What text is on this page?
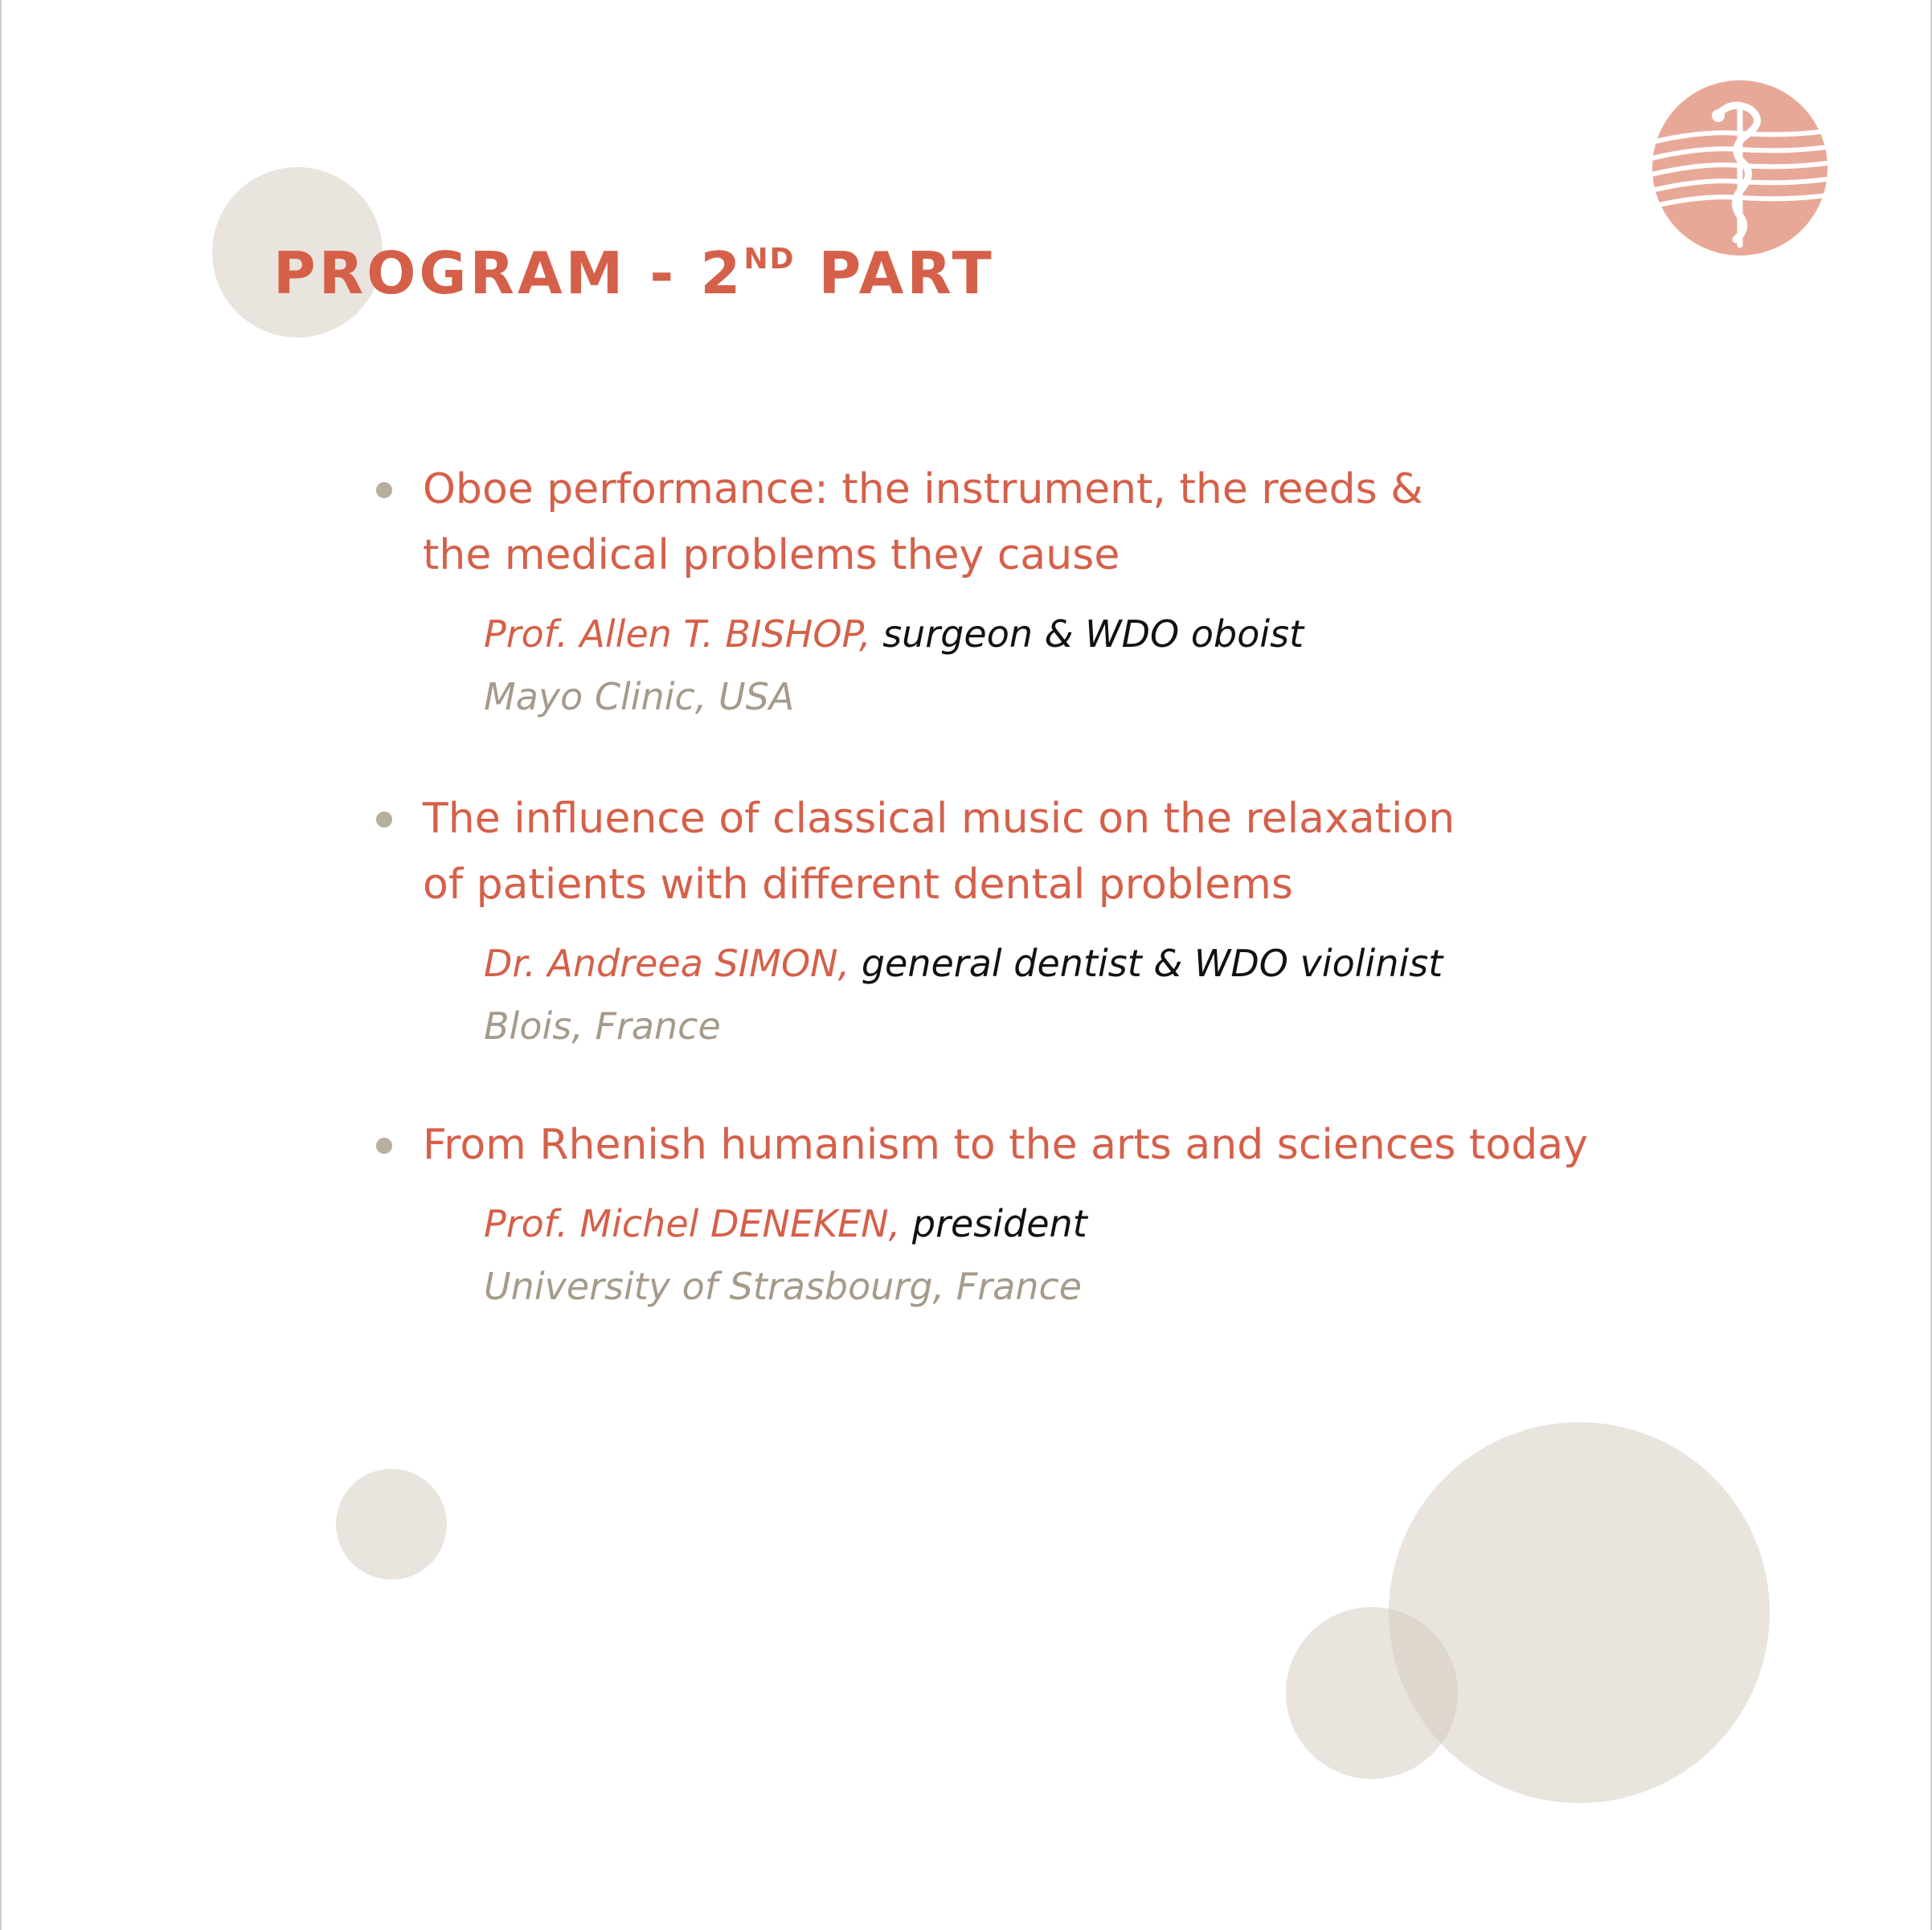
PROGRAM - 2ND PART

Oboe performance: the instrument, the reeds &

the medical problems they cause

Prof. Allen T. BISHOP, surgeon & WDO oboist

Mayo Clinic, USA

The influence of classical music on the relaxation

of patients with different dental problems

Dr. Andreea SIMON, general dentist & WDO violinist

Blois, France

From Rhenish humanism to the arts and sciences today

Prof. Michel DENEKEN, president

University of Strasbourg, France
